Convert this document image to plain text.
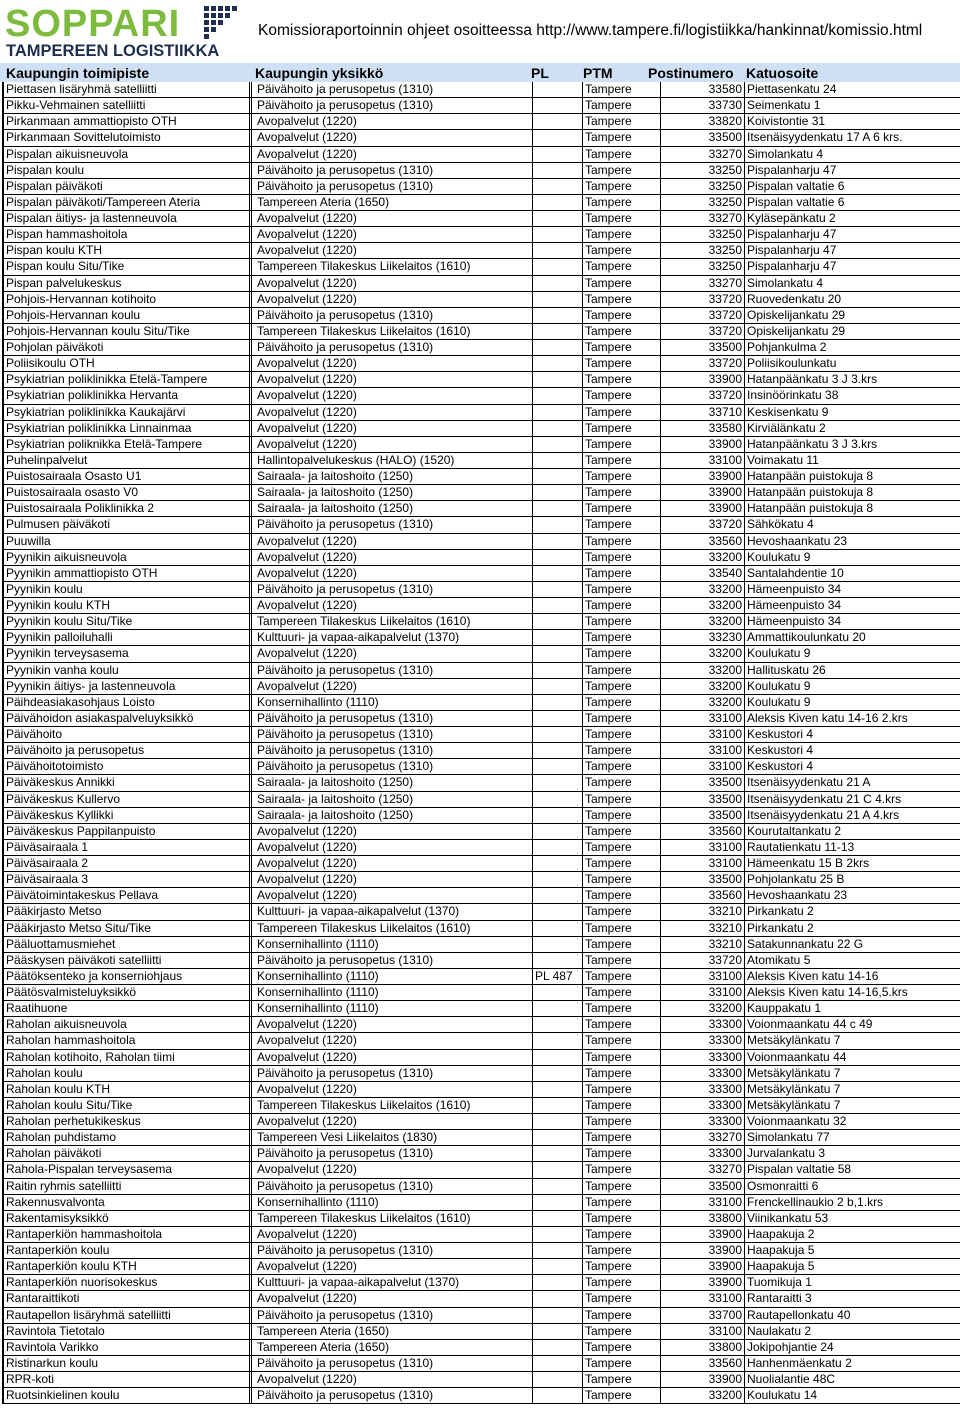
SOPPARI
TAMPEREEN LOGISTIIKKA
Komissioraportoinnin ohjeet osoitteessa http://www.tampere.fi/logistiikka/hankinnat/komissio.html
Kaupungin toimipiste	Kaupungin yksikkö	PL PTM	Postinumero Katuosoite
Piettasen lisäryhmä satelliitti	Päivähoito ja perusopetus (1310)	Tampere	33580 Piettasenkatu 24
Pikku-Vehmainen satelliitti	Päivähoito ja perusopetus (1310)	Tampere	33730 Seimenkatu 1
Pirkanmaan ammattiopisto OTH	Avopalvelut (1220)	Tampere	33820 Koivistontie 31
Pirkanmaan Sovittelutoimisto	Avopalvelut (1220)	Tampere	33500 Itsenäisyydenkatu 17 A 6 krs.
Pispalan aikuisneuvola	Avopalvelut (1220)	Tampere	33270 Simolankatu 4
Pispalan koulu	Päivähoito ja perusopetus (1310)	Tampere	33250 Pispalanharju 47
Pispalan päiväkoti	Päivähoito ja perusopetus (1310)	Tampere	33250 Pispalan valtatie 6
Pispalan päiväkoti/Tampereen Ateria	Tampereen Ateria (1650)	Tampere	33250 Pispalan valtatie 6
Pispalan äitiys- ja lastenneuvola	Avopalvelut (1220)	Tampere	33270 Kyläsepänkatu 2
Pispan hammashoitola	Avopalvelut (1220)	Tampere	33250 Pispalanharju 47
Pispan koulu KTH	Avopalvelut (1220)	Tampere	33250 Pispalanharju 47
Pispan koulu Situ/Tike	Tampereen Tilakeskus Liikelaitos (1610)	Tampere	33250 Pispalanharju 47
Pispan palvelukeskus	Avopalvelut (1220)	Tampere	33270 Simolankatu 4
Pohjois-Hervannan kotihoito	Avopalvelut (1220)	Tampere	33720 Ruovedenkatu 20
Pohjois-Hervannan koulu	Päivähoito ja perusopetus (1310)	Tampere	33720 Opiskelijankatu 29
Pohjois-Hervannan koulu Situ/Tike	Tampereen Tilakeskus Liikelaitos (1610)	Tampere	33720 Opiskelijankatu 29
Pohjolan päiväkoti	Päivähoito ja perusopetus (1310)	Tampere	33500 Pohjankulma 2
Poliisikoulu OTH	Avopalvelut (1220)	Tampere	33720 Poliisikoulunkatu
Psykiatrian poliklinikka Etelä-Tampere	Avopalvelut (1220)	Tampere	33900 Hatanpäänkatu 3 J 3.krs
Psykiatrian poliklinikka Hervanta	Avopalvelut (1220)	Tampere	33720 Insinöörinkatu 38
Psykiatrian poliklinikka Kaukajärvi	Avopalvelut (1220)	Tampere	33710 Keskisenkatu 9
Psykiatrian poliklinikka Linnainmaa	Avopalvelut (1220)	Tampere	33580 Kirviälänkatu 2
Psykiatrian poliknikka Etelä-Tampere	Avopalvelut (1220)	Tampere	33900 Hatanpäänkatu 3 J 3.krs
Puhelinpalvelut	Hallintopalvelukeskus (HALO) (1520)	Tampere	33100 Voimakatu 11
Puistosairaala Osasto U1	Sairaala- ja laitoshoito (1250)	Tampere	33900 Hatanpään puistokuja 8
Puistosairaala osasto V0	Sairaala- ja laitoshoito (1250)	Tampere	33900 Hatanpään puistokuja 8
Puistosairaala Poliklinikka 2	Sairaala- ja laitoshoito (1250)	Tampere	33900 Hatanpään puistokuja 8
Pulmusen päiväkoti	Päivähoito ja perusopetus (1310)	Tampere	33720 Sähkökatu 4
Puuwilla	Avopalvelut (1220)	Tampere	33560 Hevoshaankatu 23
Pyynikin aikuisneuvola	Avopalvelut (1220)	Tampere	33200 Koulukatu 9
Pyynikin ammattiopisto OTH	Avopalvelut (1220)	Tampere	33540 Santalahdentie 10
Pyynikin koulu	Päivähoito ja perusopetus (1310)	Tampere	33200 Hämeenpuisto 34
Pyynikin koulu KTH	Avopalvelut (1220)	Tampere	33200 Hämeenpuisto 34
Pyynikin koulu Situ/Tike	Tampereen Tilakeskus Liikelaitos (1610)	Tampere	33200 Hämeenpuisto 34
Pyynikin palloiluhalli	Kulttuuri- ja vapaa-aikapalvelut (1370)	Tampere	33230 Ammattikoulunkatu 20
Pyynikin terveysasema	Avopalvelut (1220)	Tampere	33200 Koulukatu 9
Pyynikin vanha koulu	Päivähoito ja perusopetus (1310)	Tampere	33200 Hallituskatu 26
Pyynikin äitiys- ja lastenneuvola	Avopalvelut (1220)	Tampere	33200 Koulukatu 9
Päihdeasiakasohjaus Loisto	Konsernihallinto (1110)	Tampere	33200 Koulukatu 9
Päivähoidon asiakaspalveluyksikkö	Päivähoito ja perusopetus (1310)	Tampere	33100 Aleksis Kiven katu 14-16 2.krs
Päivähoito	Päivähoito ja perusopetus (1310)	Tampere	33100 Keskustori 4
Päivähoito ja perusopetus	Päivähoito ja perusopetus (1310)	Tampere	33100 Keskustori 4
Päivähoitotoimisto	Päivähoito ja perusopetus (1310)	Tampere	33100 Keskustori 4
Päiväkeskus Annikki	Sairaala- ja laitoshoito (1250)	Tampere	33500 Itsenäisyydenkatu 21 A
Päiväkeskus Kullervo	Sairaala- ja laitoshoito (1250)	Tampere	33500 Itsenäisyydenkatu 21 C 4.krs
Päiväkeskus Kyllikki	Sairaala- ja laitoshoito (1250)	Tampere	33500 Itsenäisyydenkatu 21 A 4.krs
Päiväkeskus Pappilanpuisto	Avopalvelut (1220)	Tampere	33560 Kourutaltankatu 2
Päiväsairaala 1	Avopalvelut (1220)	Tampere	33100 Rautatienkatu 11-13
Päiväsairaala 2	Avopalvelut (1220)	Tampere	33100 Hämeenkatu 15 B 2krs
Päiväsairaala 3	Avopalvelut (1220)	Tampere	33500 Pohjolankatu 25 B
Päivätoimintakeskus Pellava	Avopalvelut (1220)	Tampere	33560 Hevoshaankatu 23
Pääkirjasto Metso	Kulttuuri- ja vapaa-aikapalvelut (1370)	Tampere	33210 Pirkankatu 2
Pääkirjasto Metso Situ/Tike	Tampereen Tilakeskus Liikelaitos (1610)	Tampere	33210 Pirkankatu 2
Pääluottamusmiehet	Konsernihallinto (1110)	Tampere	33210 Satakunnankatu 22 G
Pääskysen päiväkoti satelliitti	Päivähoito ja perusopetus (1310)	Tampere	33720 Atomikatu 5
Päätöksenteko ja konserniohjaus	Konsernihallinto (1110)	PL 487	Tampere	33100 Aleksis Kiven katu 14-16
Päätösvalmisteluyksikkö	Konsernihallinto (1110)	Tampere	33100 Aleksis Kiven katu 14-16,5.krs
Raatihuone	Konsernihallinto (1110)	Tampere	33200 Kauppakatu 1
Raholan aikuisneuvola	Avopalvelut (1220)	Tampere	33300 Voionmaankatu 44 c 49
Raholan hammashoitola	Avopalvelut (1220)	Tampere	33300 Metsäkylänkatu 7
Raholan kotihoito, Raholan tiimi	Avopalvelut (1220)	Tampere	33300 Voionmaankatu 44
Raholan koulu	Päivähoito ja perusopetus (1310)	Tampere	33300 Metsäkylänkatu 7
Raholan koulu KTH	Avopalvelut (1220)	Tampere	33300 Metsäkylänkatu 7
Raholan koulu Situ/Tike	Tampereen Tilakeskus Liikelaitos (1610)	Tampere	33300 Metsäkylänkatu 7
Raholan perhetukikeskus	Avopalvelut (1220)	Tampere	33300 Voionmaankatu 32
Raholan puhdistamo	Tampereen Vesi Liikelaitos (1830)	Tampere	33270 Simolankatu 77
Raholan päiväkoti	Päivähoito ja perusopetus (1310)	Tampere	33300 Jurvalankatu 3
Rahola-Pispalan terveysasema	Avopalvelut (1220)	Tampere	33270 Pispalan valtatie 58
Raitin ryhmis satelliitti	Päivähoito ja perusopetus (1310)	Tampere	33500 Osmonraitti 6
Rakennusvalvonta	Konsernihallinto (1110)	Tampere	33100 Frenckellinaukio 2 b,1.krs
Rakentamisyksikkö	Tampereen Tilakeskus Liikelaitos (1610)	Tampere	33800 Viinikankatu 53
Rantaperkiön hammashoitola	Avopalvelut (1220)	Tampere	33900 Haapakuja 2
Rantaperkiön koulu	Päivähoito ja perusopetus (1310)	Tampere	33900 Haapakuja 5
Rantaperkiön koulu KTH	Avopalvelut (1220)	Tampere	33900 Haapakuja 5
Rantaperkiön nuorisokeskus	Kulttuuri- ja vapaa-aikapalvelut (1370)	Tampere	33900 Tuomikuja 1
Rantaraittikoti	Avopalvelut (1220)	Tampere	33100 Rantaraitti 3
Rautapellon lisäryhmä satelliitti	Päivähoito ja perusopetus (1310)	Tampere	33700 Rautapellonkatu 40
Ravintola Tietotalo	Tampereen Ateria (1650)	Tampere	33100 Naulakatu 2
Ravintola Varikko	Tampereen Ateria (1650)	Tampere	33800 Jokipohjantie 24
Ristinarkun koulu	Päivähoito ja perusopetus (1310)	Tampere	33560 Hanhenmäenkatu 2
RPR-koti	Avopalvelut (1220)	Tampere	33900 Nuolialantie 48C
Ruotsinkielinen koulu	Päivähoito ja perusopetus (1310)	Tampere	33200 Koulukatu 14
